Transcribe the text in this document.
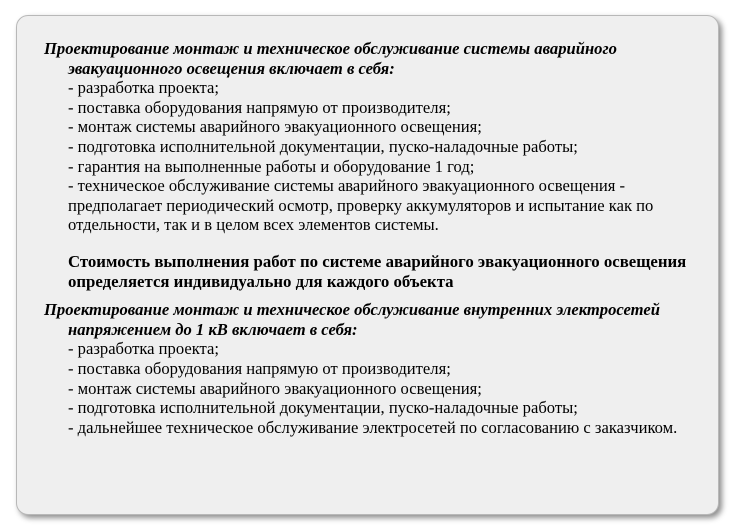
Проектирование монтаж и техническое обслуживание системы аварийного эвакуационного освещения включает в себя:
- разработка проекта;
- поставка оборудования напрямую от производителя;
- монтаж системы аварийного эвакуационного освещения;
- подготовка исполнительной документации, пуско-наладочные работы;
- гарантия на выполненные работы и оборудование 1 год;
- техническое обслуживание системы аварийного эвакуационного освещения - предполагает периодический осмотр, проверку аккумуляторов и испытание как по отдельности, так и в целом всех элементов системы.
Стоимость выполнения работ по системе аварийного эвакуационного освещения определяется индивидуально для каждого объекта
Проектирование монтаж и техническое обслуживание внутренних электросетей напряжением до 1 кВ включает в себя:
- разработка проекта;
- поставка оборудования напрямую от производителя;
- монтаж системы аварийного эвакуационного освещения;
- подготовка исполнительной документации, пуско-наладочные работы;
- дальнейшее техническое обслуживание электросетей по согласованию с заказчиком.
